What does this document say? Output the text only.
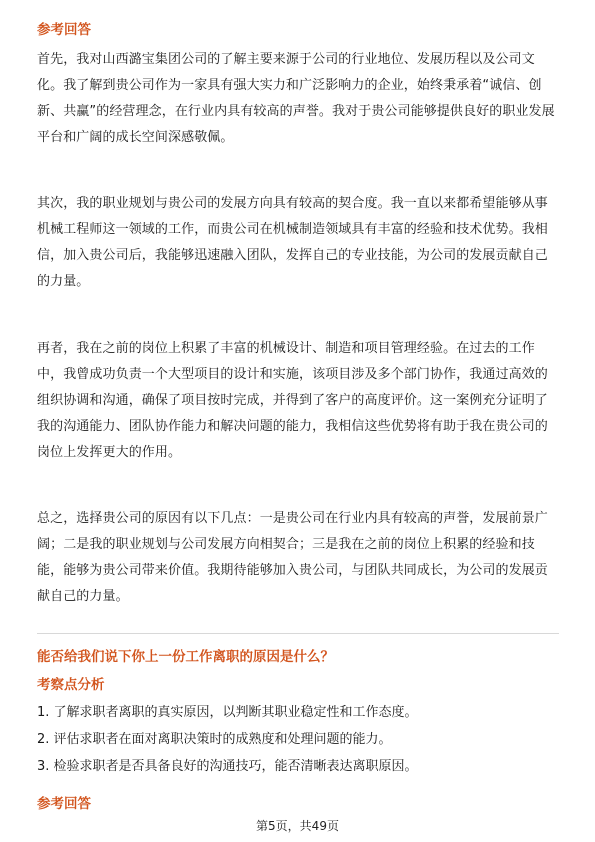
参考回答

首先，我对山西潞宝集团公司的了解主要来源于公司的行业地位、发展历程以及公司文化。我了解到贵公司作为一家具有强大实力和广泛影响力的企业，始终秉承着“诚信、创新、共赢”的经营理念，在行业内具有较高的声誉。我对于贵公司能够提供良好的职业发展平台和广阔的成长空间深感敬佩。

其次，我的职业规划与贵公司的发展方向具有较高的契合度。我一直以来都希望能够从事机械工程师这一领域的工作，而贵公司在机械制造领域具有丰富的经验和技术优势。我相信，加入贵公司后，我能够迅速融入团队，发挥自己的专业技能，为公司的发展贡献自己的力量。

再者，我在之前的岗位上积累了丰富的机械设计、制造和项目管理经验。在过去的工作中，我曾成功负责一个大型项目的设计和实施，该项目涉及多个部门协作，我通过高效的组织协调和沟通，确保了项目按时完成，并得到了客户的高度评价。这一案例充分证明了我的沟通能力、团队协作能力和解决问题的能力，我相信这些优势将有助于我在贵公司的岗位上发挥更大的作用。

总之，选择贵公司的原因有以下几点：一是贵公司在行业内具有较高的声誉，发展前景广阔；二是我的职业规划与公司发展方向相契合；三是我在之前的岗位上积累的经验和技能，能够为贵公司带来价值。我期待能够加入贵公司，与团队共同成长，为公司的发展贡献自己的力量。

能否给我们说下你上一份工作离职的原因是什么？

考察点分析

1. 了解求职者离职的真实原因，以判断其职业稳定性和工作态度。
2. 评估求职者在面对离职决策时的成熟度和处理问题的能力。
3. 检验求职者是否具备良好的沟通技巧，能否清晰表达离职原因。

参考回答

第5页，共49页
